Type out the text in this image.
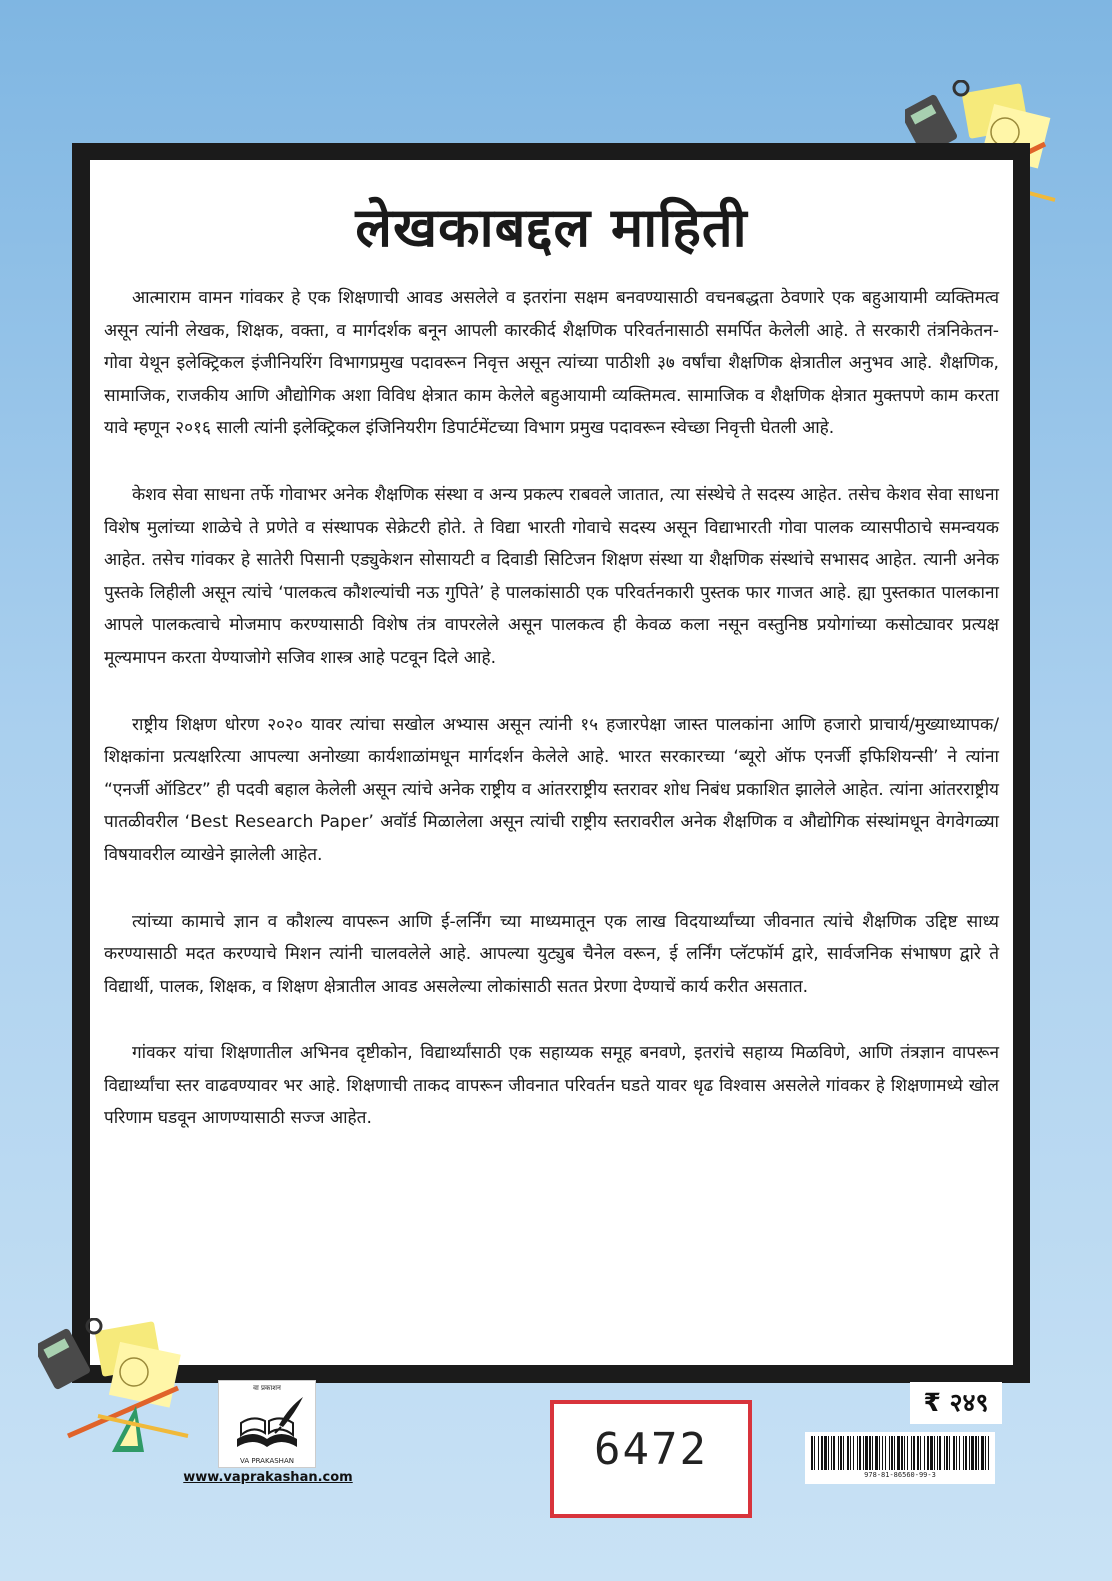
लेखकाबद्दल माहिती

आत्माराम वामन गांवकर हे एक शिक्षणाची आवड असलेले व इतरांना सक्षम बनवण्यासाठी वचनबद्धता ठेवणारे एक बहुआयामी व्यक्तिमत्व असून त्यांनी लेखक, शिक्षक, वक्ता, व मार्गदर्शक बनून आपली कारकीर्द शैक्षणिक परिवर्तनासाठी समर्पित केलेली आहे. ते सरकारी तंत्रनिकेतन-गोवा येथून इलेक्ट्रिकल इंजीनियरिंग विभागप्रमुख पदावरून निवृत्त असून त्यांच्या पाठीशी ३७ वर्षांचा शैक्षणिक क्षेत्रातील अनुभव आहे. शैक्षणिक, सामाजिक, राजकीय आणि औद्योगिक अशा विविध क्षेत्रात काम केलेले बहुआयामी व्यक्तिमत्व. सामाजिक व शैक्षणिक क्षेत्रात मुक्तपणे काम करता यावे म्हणून २०१६ साली त्यांनी इलेक्ट्रिकल इंजिनियरीग डिपार्टमेंटच्या विभाग प्रमुख पदावरून स्वेच्छा निवृत्ती घेतली आहे.

केशव सेवा साधना तर्फे गोवाभर अनेक शैक्षणिक संस्था व अन्य प्रकल्प राबवले जातात, त्या संस्थेचे ते सदस्य आहेत. तसेच केशव सेवा साधना विशेष मुलांच्या शाळेचे ते प्रणेते व संस्थापक सेक्रेटरी होते. ते विद्या भारती गोवाचे सदस्य असून विद्याभारती गोवा पालक व्यासपीठाचे समन्वयक आहेत. तसेच गांवकर हे सातेरी पिसानी एड्युकेशन सोसायटी व दिवाडी सिटिजन शिक्षण संस्था या शैक्षणिक संस्थांचे सभासद आहेत. त्यानी अनेक पुस्तके लिहीली असून त्यांचे ‘पालकत्व कौशल्यांची नऊ गुपिते’ हे पालकांसाठी एक परिवर्तनकारी पुस्तक फार गाजत आहे. ह्या पुस्तकात पालकाना आपले पालकत्वाचे मोजमाप करण्यासाठी विशेष तंत्र वापरलेले असून पालकत्व ही केवळ कला नसून वस्तुनिष्ठ प्रयोगांच्या कसोट्यावर प्रत्यक्ष मूल्यमापन करता येण्याजोगे सजिव शास्त्र आहे पटवून दिले आहे.

राष्ट्रीय शिक्षण धोरण २०२० यावर त्यांचा सखोल अभ्यास असून त्यांनी १५ हजारपेक्षा जास्त पालकांना आणि हजारो प्राचार्य/मुख्याध्यापक/शिक्षकांना प्रत्यक्षरित्या आपल्या अनोख्या कार्यशाळांमधून मार्गदर्शन केलेले आहे. भारत सरकारच्या ‘ब्यूरो ऑफ एनर्जी इफिशियन्सी’ ने त्यांना “एनर्जी ऑडिटर” ही पदवी बहाल केलेली असून त्यांचे अनेक राष्ट्रीय व आंतरराष्ट्रीय स्तरावर शोध निबंध प्रकाशित झालेले आहेत. त्यांना आंतरराष्ट्रीय पातळीवरील ‘Best Research Paper’ अवॉर्ड मिळालेला असून त्यांची राष्ट्रीय स्तरावरील अनेक शैक्षणिक व औद्योगिक संस्थांमधून वेगवेगळ्या विषयावरील व्याखेने झालेली आहेत.

त्यांच्या कामाचे ज्ञान व कौशल्य वापरून आणि ई-लर्निंग च्या माध्यमातून एक लाख विदयार्थ्यांच्या जीवनात त्यांचे शैक्षणिक उद्दिष्ट साध्य करण्यासाठी मदत करण्याचे मिशन त्यांनी चालवलेले आहे. आपल्या युट्युब चैनेल वरून, ई लर्निंग प्लॅटफॉर्म द्वारे, सार्वजनिक संभाषण द्वारे ते विद्यार्थी, पालक, शिक्षक, व शिक्षण क्षेत्रातील आवड असलेल्या लोकांसाठी सतत प्रेरणा देण्याचें कार्य करीत असतात.

गांवकर यांचा शिक्षणातील अभिनव दृष्टीकोन, विद्यार्थ्यांसाठी एक सहाय्यक समूह बनवणे, इतरांचे सहाय्य मिळविणे, आणि तंत्रज्ञान वापरून विद्यार्थ्यांचा स्तर वाढवण्यावर भर आहे. शिक्षणाची ताकद वापरून जीवनात परिवर्तन घडते यावर धृढ विश्वास असलेले गांवकर हे शिक्षणामध्ये खोल परिणाम घडवून आणण्यासाठी सज्ज आहेत.

वा प्रकाशन
VA PRAKASHAN
www.vaprakashan.com
6472
₹ २४९
978-81-86560-99-3
